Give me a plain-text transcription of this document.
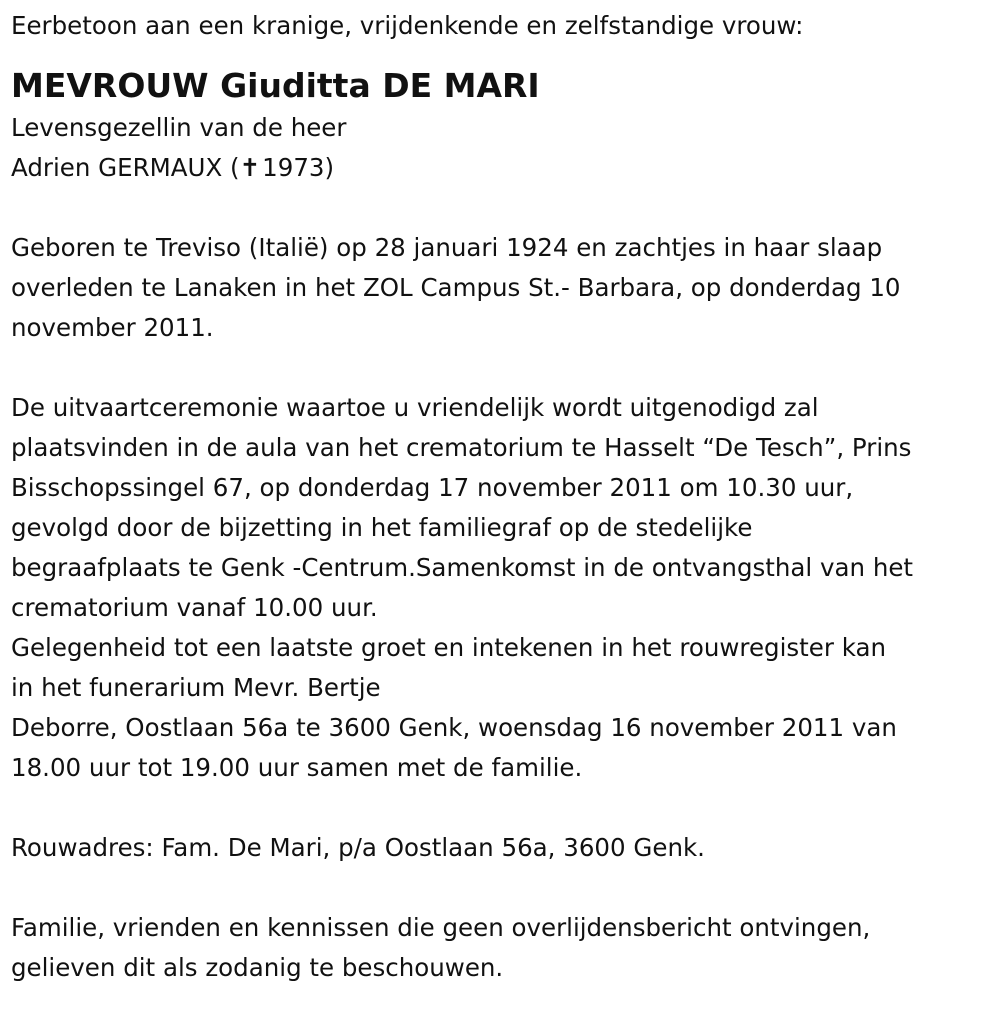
Eerbetoon aan een kranige, vrijdenkende en zelfstandige vrouw:

MEVROUW Giuditta DE MARI

Levensgezellin van de heer

Adrien GERMAUX (✝1973)

Geboren te Treviso (Italië) op 28 januari 1924 en zachtjes in haar slaap

overleden te Lanaken in het ZOL Campus St.- Barbara, op donderdag 10

november 2011.

De uitvaartceremonie waartoe u vriendelijk wordt uitgenodigd zal

plaatsvinden in de aula van het crematorium te Hasselt “De Tesch”, Prins

Bisschopssingel 67, op donderdag 17 november 2011 om 10.30 uur,

gevolgd door de bijzetting in het familiegraf op de stedelijke

begraafplaats te Genk -Centrum.Samenkomst in de ontvangsthal van het

crematorium vanaf 10.00 uur.

Gelegenheid tot een laatste groet en intekenen in het rouwregister kan

in het funerarium Mevr. Bertje

Deborre, Oostlaan 56a te 3600 Genk, woensdag 16 november 2011 van

18.00 uur tot 19.00 uur samen met de familie.

Rouwadres: Fam. De Mari, p/a Oostlaan 56a, 3600 Genk.

Familie, vrienden en kennissen die geen overlijdensbericht ontvingen,

gelieven dit als zodanig te beschouwen.
